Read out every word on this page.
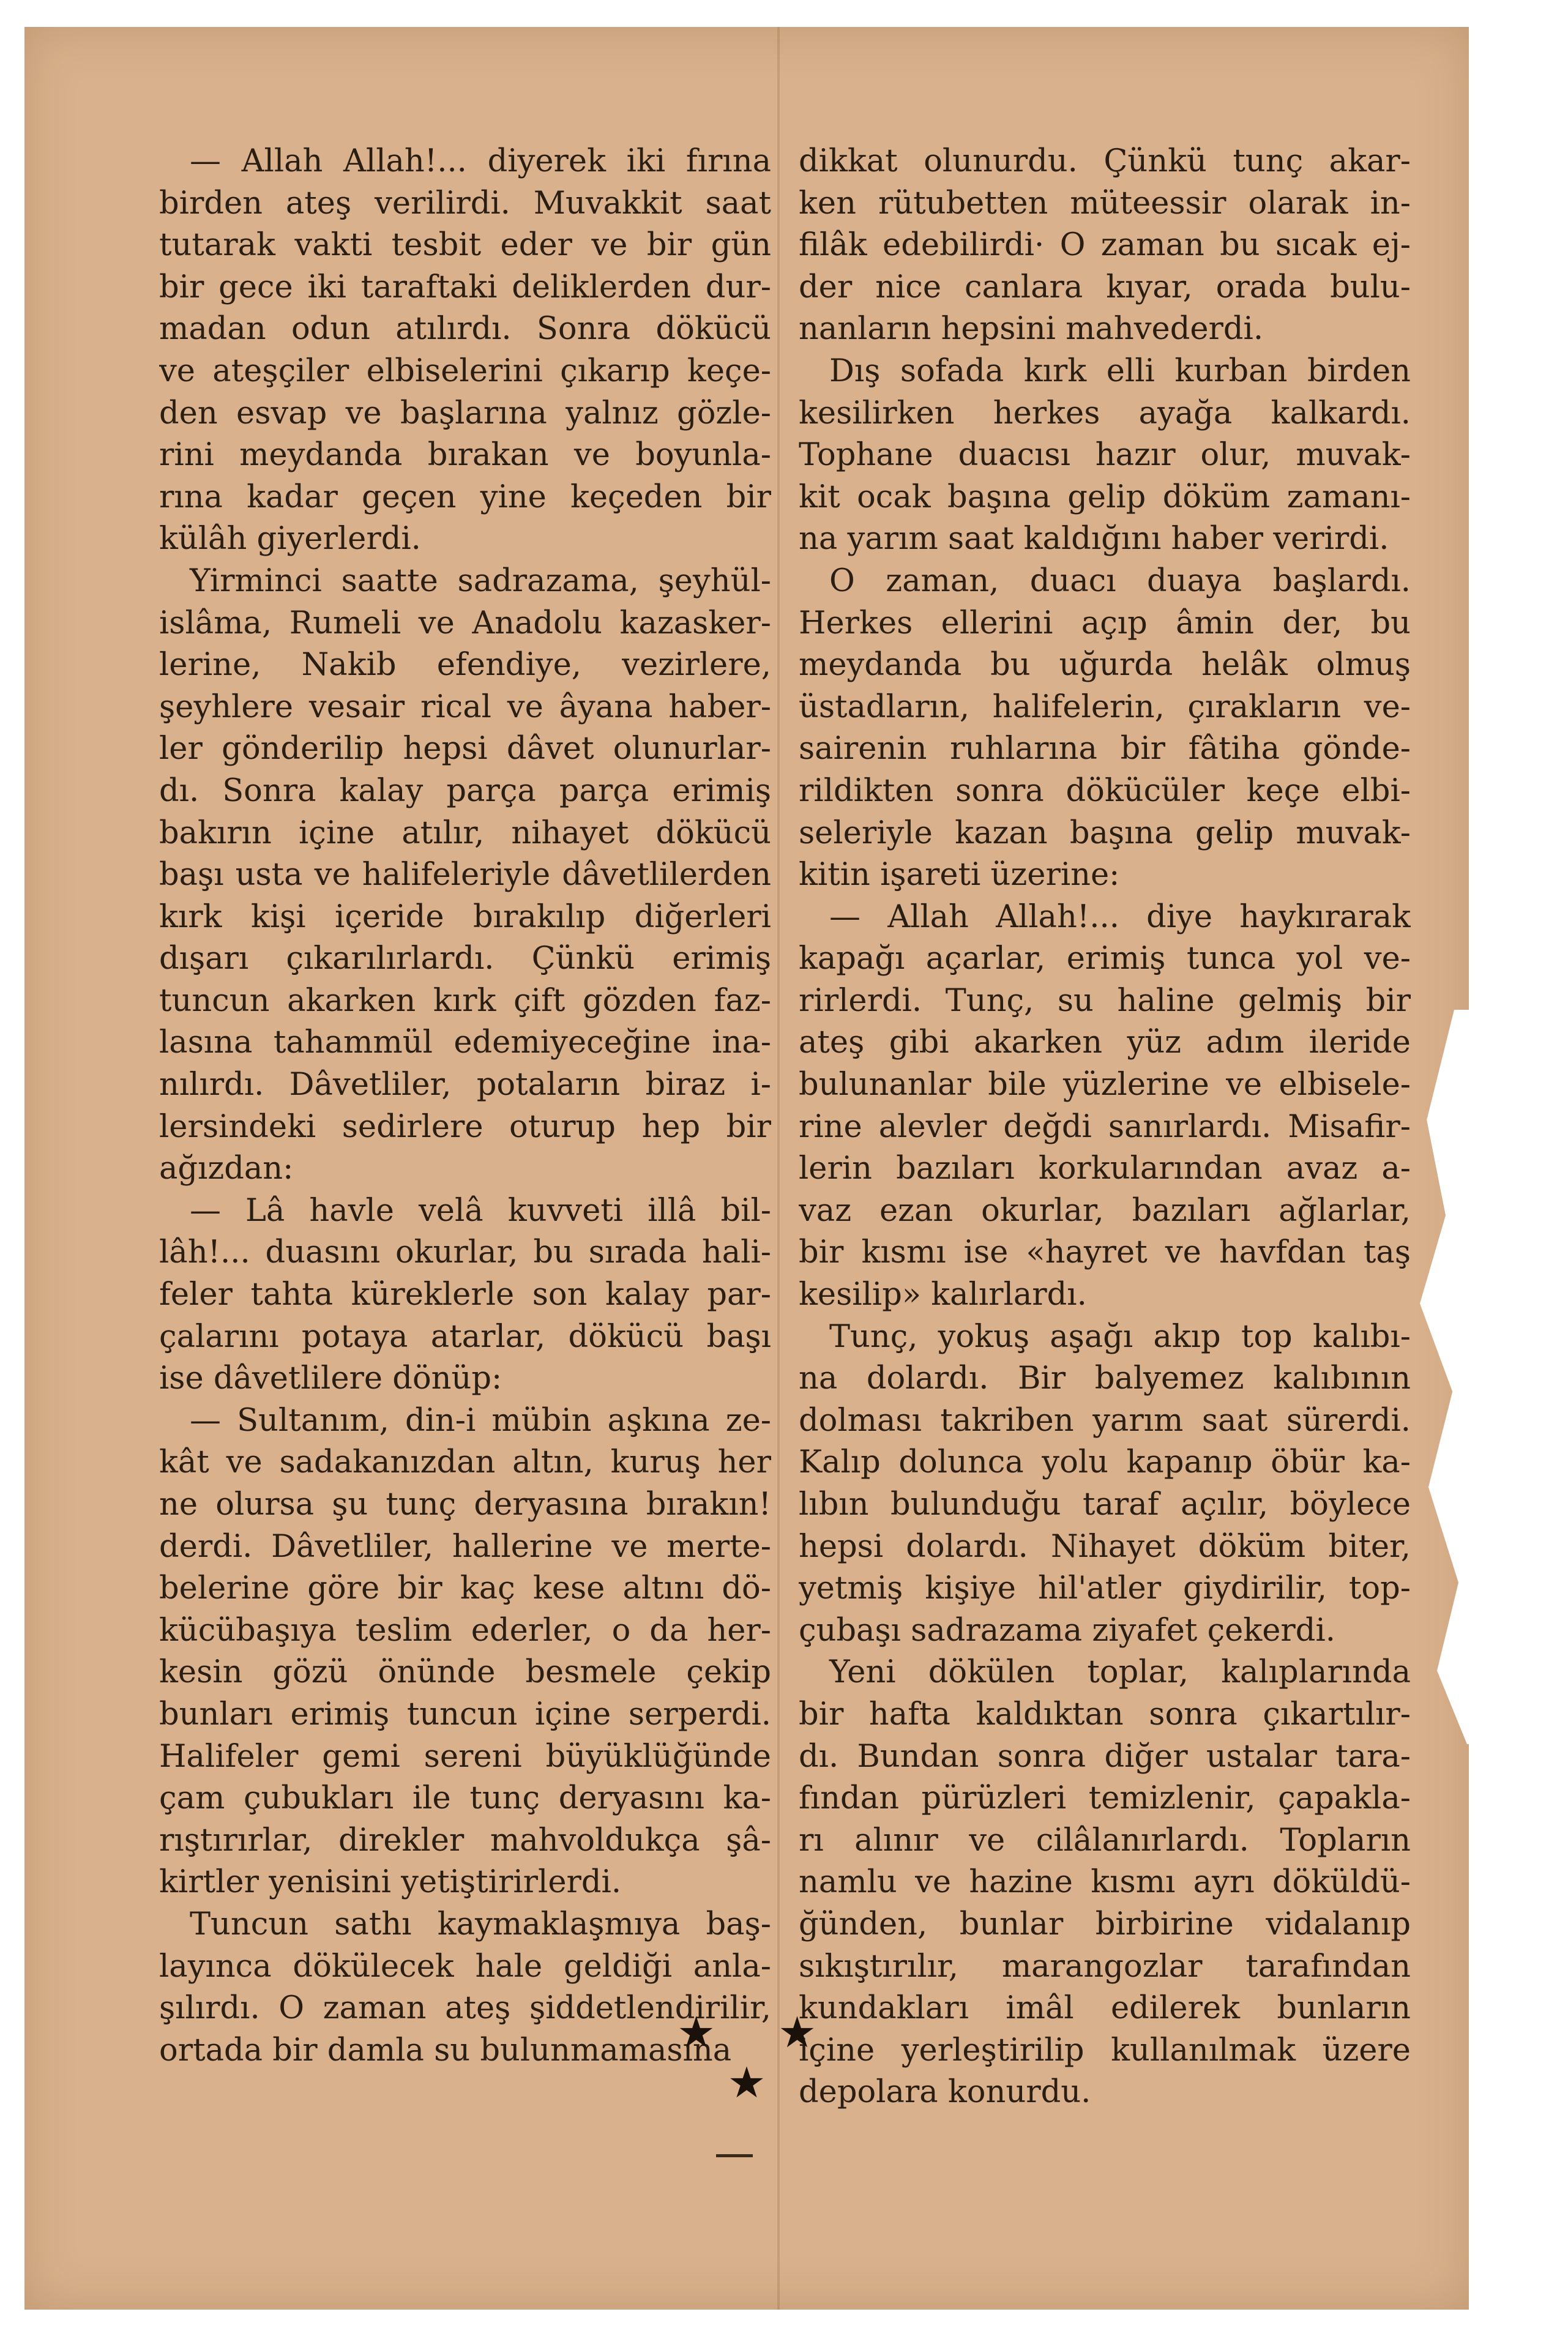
— Allah Allah!... diyerek iki fırına
birden ateş verilirdi. Muvakkit saat
tutarak vakti tesbit eder ve bir gün
bir gece iki taraftaki deliklerden dur-
madan odun atılırdı. Sonra dökücü
ve ateşçiler elbiselerini çıkarıp keçe-
den esvap ve başlarına yalnız gözle-
rini meydanda bırakan ve boyunla-
rına kadar geçen yine keçeden bir
külâh giyerlerdi.
Yirminci saatte sadrazama, şeyhül-
islâma, Rumeli ve Anadolu kazasker-
lerine, Nakib efendiye, vezirlere,
şeyhlere vesair rical ve âyana haber-
ler gönderilip hepsi dâvet olunurlar-
dı. Sonra kalay parça parça erimiş
bakırın içine atılır, nihayet dökücü
başı usta ve halifeleriyle dâvetlilerden
kırk kişi içeride bırakılıp diğerleri
dışarı çıkarılırlardı. Çünkü erimiş
tuncun akarken kırk çift gözden faz-
lasına tahammül edemiyeceğine ina-
nılırdı. Dâvetliler, potaların biraz i-
lersindeki sedirlere oturup hep bir
ağızdan:
— Lâ havle velâ kuvveti illâ bil-
lâh!... duasını okurlar, bu sırada hali-
feler tahta küreklerle son kalay par-
çalarını potaya atarlar, dökücü başı
ise dâvetlilere dönüp:
— Sultanım, din-i mübin aşkına ze-
kât ve sadakanızdan altın, kuruş her
ne olursa şu tunç deryasına bırakın!
derdi. Dâvetliler, hallerine ve merte-
belerine göre bir kaç kese altını dö-
kücübaşıya teslim ederler, o da her-
kesin gözü önünde besmele çekip
bunları erimiş tuncun içine serperdi.
Halifeler gemi sereni büyüklüğünde
çam çubukları ile tunç deryasını ka-
rıştırırlar, direkler mahvoldukça şâ-
kirtler yenisini yetiştirirlerdi.
Tuncun sathı kaymaklaşmıya baş-
layınca dökülecek hale geldiği anla-
şılırdı. O zaman ateş şiddetlendirilir,
ortada bir damla su bulunmamasına
dikkat olunurdu. Çünkü tunç akar-
ken rütubetten müteessir olarak in-
filâk edebilirdi· O zaman bu sıcak ej-
der nice canlara kıyar, orada bulu-
nanların hepsini mahvederdi.
Dış sofada kırk elli kurban birden
kesilirken herkes ayağa kalkardı.
Tophane duacısı hazır olur, muvak-
kit ocak başına gelip döküm zamanı-
na yarım saat kaldığını haber verirdi.
O zaman, duacı duaya başlardı.
Herkes ellerini açıp âmin der, bu
meydanda bu uğurda helâk olmuş
üstadların, halifelerin, çırakların ve-
sairenin ruhlarına bir fâtiha gönde-
rildikten sonra dökücüler keçe elbi-
seleriyle kazan başına gelip muvak-
kitin işareti üzerine:
— Allah Allah!... diye haykırarak
kapağı açarlar, erimiş tunca yol ve-
rirlerdi. Tunç, su haline gelmiş bir
ateş gibi akarken yüz adım ileride
bulunanlar bile yüzlerine ve elbisele-
rine alevler değdi sanırlardı. Misafir-
lerin bazıları korkularından avaz a-
vaz ezan okurlar, bazıları ağlarlar,
bir kısmı ise «hayret ve havfdan taş
kesilip» kalırlardı.
Tunç, yokuş aşağı akıp top kalıbı-
na dolardı. Bir balyemez kalıbının
dolması takriben yarım saat sürerdi.
Kalıp dolunca yolu kapanıp öbür ka-
lıbın bulunduğu taraf açılır, böylece
hepsi dolardı. Nihayet döküm biter,
yetmiş kişiye hil'atler giydirilir, top-
çubaşı sadrazama ziyafet çekerdi.
Yeni dökülen toplar, kalıplarında
bir hafta kaldıktan sonra çıkartılır-
dı. Bundan sonra diğer ustalar tara-
fından pürüzleri temizlenir, çapakla-
rı alınır ve cilâlanırlardı. Topların
namlu ve hazine kısmı ayrı döküldü-
ğünden, bunlar birbirine vidalanıp
sıkıştırılır, marangozlar tarafından
kundakları imâl edilerek bunların
içine yerleştirilip kullanılmak üzere
depolara konurdu.
★ ★ ★
